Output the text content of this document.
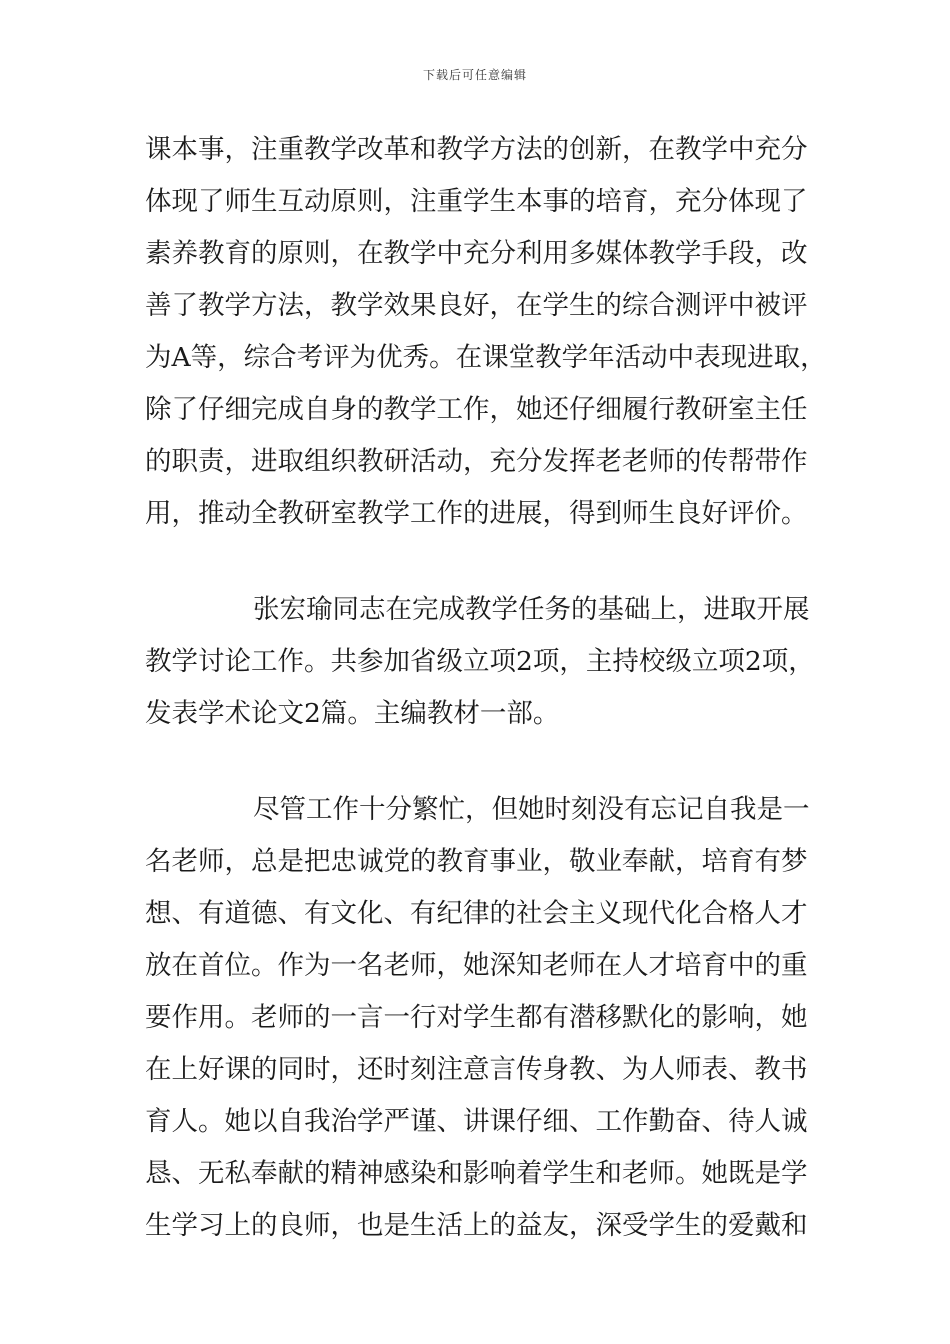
下载后可任意编辑
课本事，注重教学改革和教学方法的创新，在教学中充分
体现了师生互动原则，注重学生本事的培育，充分体现了
素养教育的原则，在教学中充分利用多媒体教学手段，改
善了教学方法，教学效果良好，在学生的综合测评中被评
为A等，综合考评为优秀。在课堂教学年活动中表现进取，
除了仔细完成自身的教学工作，她还仔细履行教研室主任
的职责，进取组织教研活动，充分发挥老老师的传帮带作
用，推动全教研室教学工作的进展，得到师生良好评价。
张宏瑜同志在完成教学任务的基础上，进取开展
教学讨论工作。共参加省级立项2项，主持校级立项2项，
发表学术论文2篇。主编教材一部。
尽管工作十分繁忙，但她时刻没有忘记自我是一
名老师，总是把忠诚党的教育事业，敬业奉献，培育有梦
想、有道德、有文化、有纪律的社会主义现代化合格人才
放在首位。作为一名老师，她深知老师在人才培育中的重
要作用。老师的一言一行对学生都有潜移默化的影响，她
在上好课的同时，还时刻注意言传身教、为人师表、教书
育人。她以自我治学严谨、讲课仔细、工作勤奋、待人诚
恳、无私奉献的精神感染和影响着学生和老师。她既是学
生学习上的良师，也是生活上的益友，深受学生的爱戴和
